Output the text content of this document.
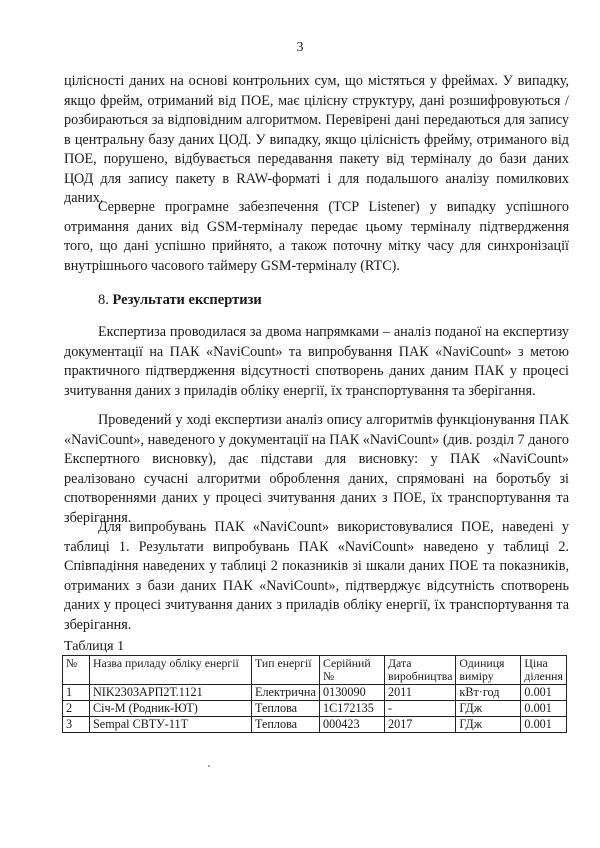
3

цілісності даних на основі контрольних сум, що містяться у фреймах. У випадку, якщо фрейм, отриманий від ПОЕ, має цілісну структуру, дані розшифровуються / розбираються за відповідним алгоритмом. Перевірені дані передаються для запису в центральну базу даних ЦОД. У випадку, якщо цілісність фрейму, отриманого від ПОЕ, порушено, відбувається передавання пакету від терміналу до бази даних ЦОД для запису пакету в RAW-форматі і для подальшого аналізу помилкових даних.

Серверне програмне забезпечення (TCP Listener) у випадку успішного отримання даних від GSM-терміналу передає цьому терміналу підтвердження того, що дані успішно прийнято, а також поточну мітку часу для синхронізації внутрішнього часового таймеру GSM-терміналу (RTC).

8. Результати експертизи

Експертиза проводилася за двома напрямками – аналіз поданої на експертизу документації на ПАК «NaviCount» та випробування ПАК «NaviCount» з метою практичного підтвердження відсутності спотворень даних даним ПАК у процесі зчитування даних з приладів обліку енергії, їх транспортування та зберігання.

Проведений у ході експертизи аналіз опису алгоритмів функціонування ПАК «NaviCount», наведеного у документації на ПАК «NaviCount» (див. розділ 7 даного Експертного висновку), дає підстави для висновку: у ПАК «NaviCount» реалізовано сучасні алгоритми оброблення даних, спрямовані на боротьбу зі спотвореннями даних у процесі зчитування даних з ПОЕ, їх транспортування та зберігання.

Для випробувань ПАК «NaviCount» використовувалися ПОЕ, наведені у таблиці 1. Результати випробувань ПАК «NaviCount» наведено у таблиці 2. Співпадіння наведених у таблиці 2 показників зі шкали даних ПОЕ та показників, отриманих з бази даних ПАК «NaviCount», підтверджує відсутність спотворень даних у процесі зчитування даних з приладів обліку енергії, їх транспортування та зберігання.

Таблиця 1
№	Назва приладу обліку енергії	Тип енергії	Серійний №	Дата виробництва	Одиниця виміру	Ціна ділення
1	NIK2303АРП2Т.1121	Електрична	0130090	2011	кВт·год	0.001
2	Січ-М (Родник-ЮТ)	Теплова	1С172135	-	ГДж	0.001
3	Sempal СВТУ-11Т	Теплова	000423	2017	ГДж	0.001
